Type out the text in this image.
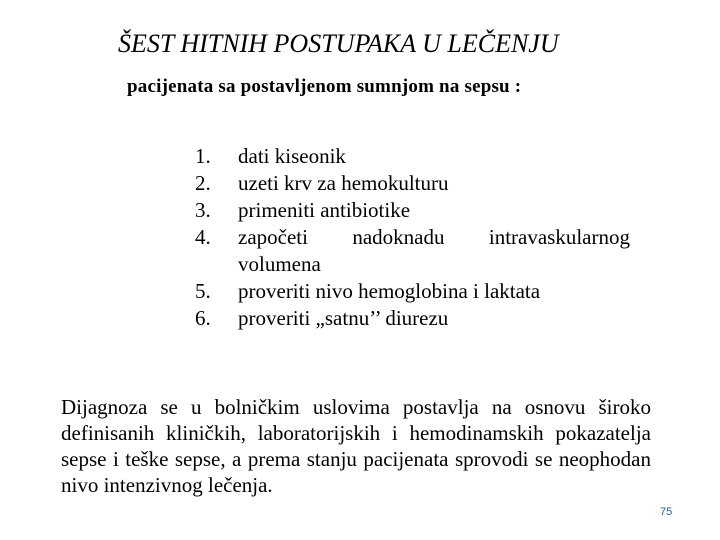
ŠEST HITNIH POSTUPAKA U LEČENJU
pacijenata sa postavljenom sumnjom na sepsu :
1.	dati kiseonik
2.	uzeti krv za hemokulturu
3.	primeniti antibiotike
4.	započeti nadoknadu intravaskularnog
volumena
5.	proveriti nivo hemoglobina i laktata
6.	proveriti „satnu’’ diurezu

Dijagnoza se u bolničkim uslovima postavlja na osnovu široko definisanih kliničkih, laboratorijskih i hemodinamskih pokazatelja sepse i teške sepse, a prema stanju pacijenata sprovodi se neophodan nivo intenzivnog lečenja.

75
